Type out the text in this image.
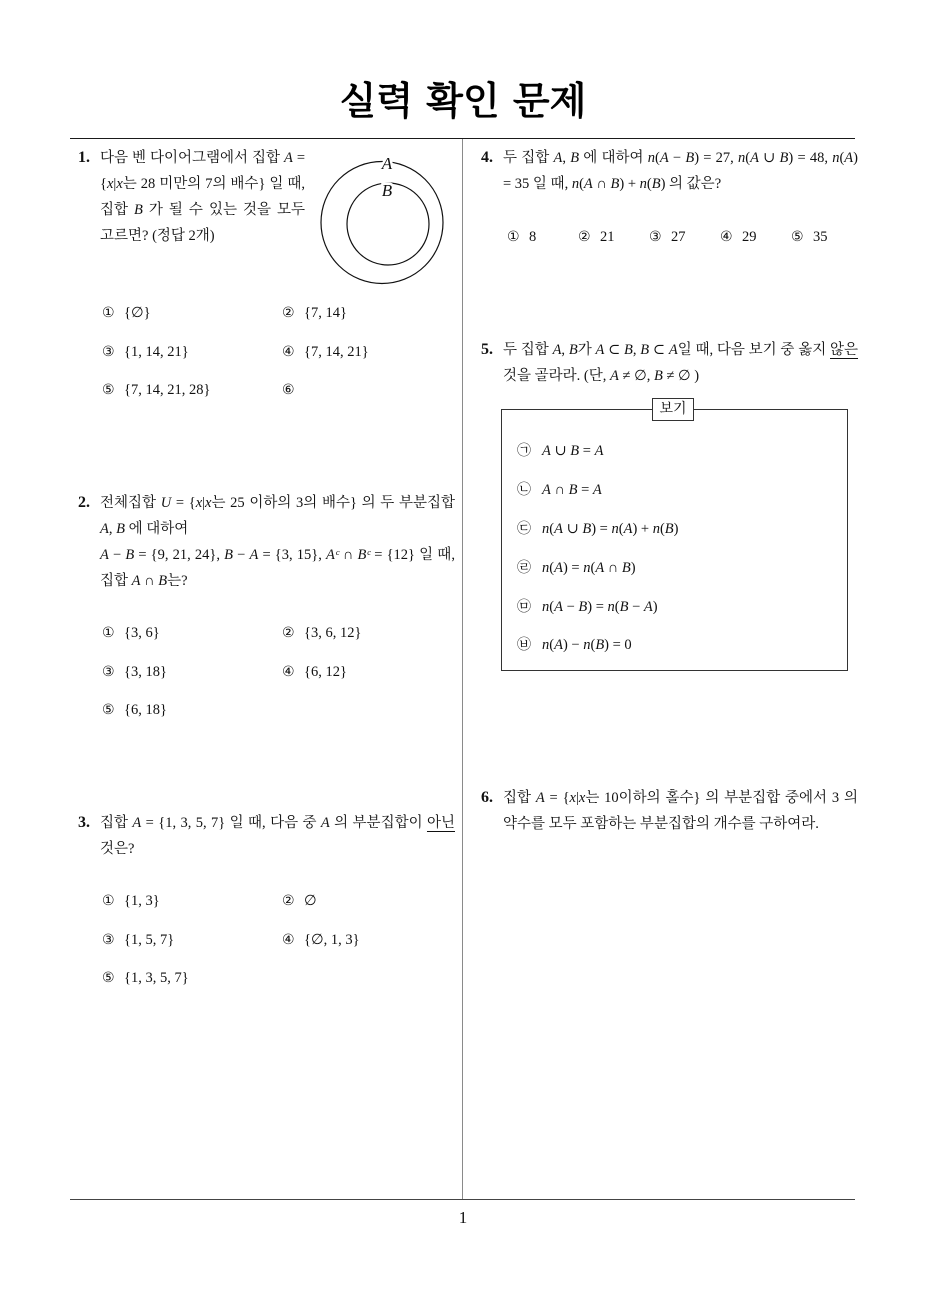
실력 확인 문제
1. 다음 벤 다이어그램에서 집합 A = {x|x는 28 미만의 7의 배수} 일 때, 집합 B 가 될 수 있는 것을 모두 고르면? (정답 2개)
A
B
① {∅}	② {7, 14}
③ {1, 14, 21}	④ {7, 14, 21}
⑤ {7, 14, 21, 28}	⑥
2. 전체집합 U = {x|x는 25 이하의 3의 배수} 의 두 부분집합 A, B 에 대하여
A − B = {9, 21, 24}, B − A = {3, 15}, Aᶜ ∩ Bᶜ = {12} 일 때, 집합 A ∩ B는?
① {3, 6}	② {3, 6, 12}
③ {3, 18}	④ {6, 12}
⑤ {6, 18}
3. 집합 A = {1, 3, 5, 7} 일 때, 다음 중 A 의 부분집합이 아닌 것은?
① {1, 3}	② ∅
③ {1, 5, 7}	④ {∅, 1, 3}
⑤ {1, 3, 5, 7}
4. 두 집합 A, B 에 대하여 n(A − B) = 27, n(A ∪ B) = 48, n(A) = 35 일 때, n(A ∩ B) + n(B) 의 값은?
① 8	② 21 ③ 27 ④ 29 ⑤ 35
5. 두 집합 A, B가 A ⊂ B, B ⊂ A일 때, 다음 보기 중 옳지 않은 것을 골라라. (단, A ≠ ∅, B ≠ ∅ )
보기
㉠ A ∪ B = A
㉡ A ∩ B = A
㉢ n(A ∪ B) = n(A) + n(B)
㉣ n(A) = n(A ∩ B)
㉤ n(A − B) = n(B − A)
㉥ n(A) − n(B) = 0
6. 집합 A = {x|x는 10이하의 홀수} 의 부분집합 중에서 3 의 약수를 모두 포함하는 부분집합의 개수를 구하여라.
1
